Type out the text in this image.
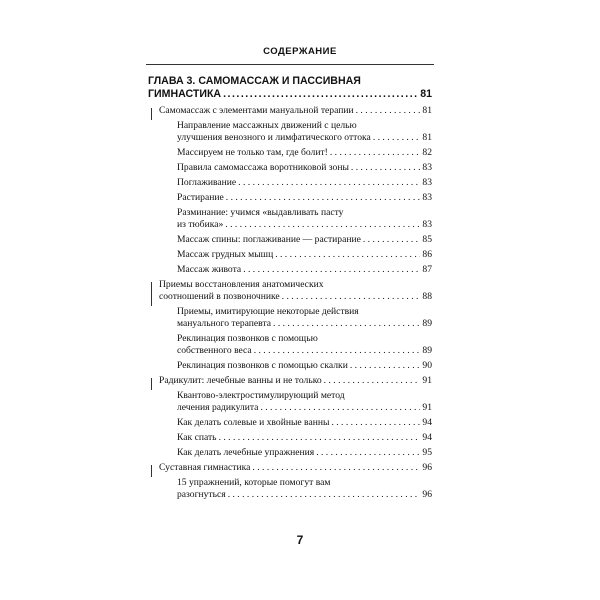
СОДЕРЖАНИЕ
ГЛАВА 3. САМОМАССАЖ И ПАССИВНАЯ
ГИМНАСТИКА .....	81
Самомассаж с элементами мануальной терапии . . .	81
Направление массажных движений с целью
улучшения венозного и лимфатического оттока . . .	81
Массируем не только там, где болит! . . .	82
Правила самомассажа воротниковой зоны . . .	83
Поглаживание . . .	83
Растирание . . .	83
Разминание: учимся «выдавливать пасту
из тюбика» . . .	83
Массаж спины: поглаживание — растирание . . .	85
Массаж грудных мышц . . .	86
Массаж живота . . .	87
Приемы восстановления анатомических
соотношений в позвоночнике . . .	88
Приемы, имитирующие некоторые действия
мануального терапевта . . .	89
Реклинация позвонков с помощью
собственного веса . . .	89
Реклинация позвонков с помощью скалки . . .	90
Радикулит: лечебные ванны и не только . . .	91
Квантово-электростимулирующий метод
лечения радикулита . . .	91
Как делать солевые и хвойные ванны . . .	94
Как спать . . .	94
Как делать лечебные упражнения . . .	95
Суставная гимнастика . . .	96
15 упражнений, которые помогут вам
разогнуться . . .	96
7
